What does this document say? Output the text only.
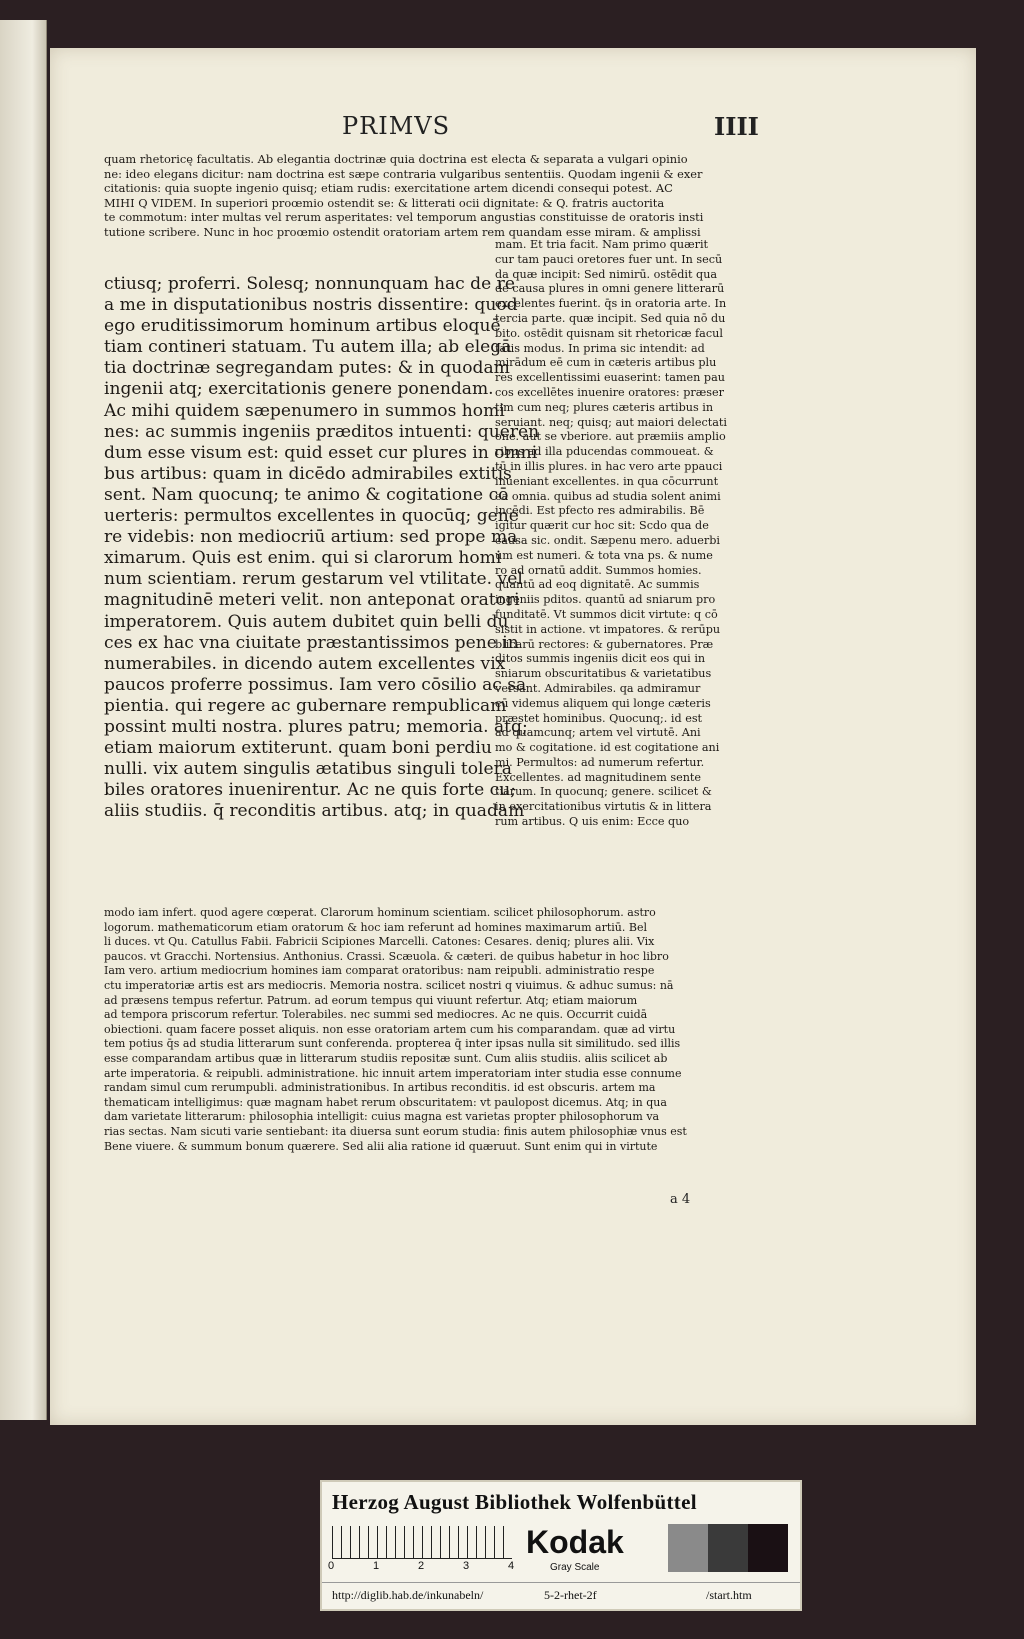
PRIMVS	IIII
quam rhetoricę facultatis. Ab elegantia doctrinæ quia doctrina est electa & separata a vulgari opinio
ne: ideo elegans dicitur: nam doctrina est sæpe contraria vulgaribus sententiis. Quodam ingenii & exer
citationis: quia suopte ingenio quisq; etiam rudis: exercitatione artem dicendi consequi potest. AC
MIHI Q VIDEM. In superiori proœmio ostendit se: & litterati ocii dignitate: & Q. fratris auctorita
te commotum: inter multas vel rerum asperitates: vel temporum angustias constituisse de oratoris insti
tutione scribere. Nunc in hoc proœmio ostendit oratoriam artem rem quandam esse miram. & amplissi
ctiusq; proferri. Solesq; nonnunquam hac de re
a me in disputationibus nostris dissentire: quod
ego eruditissimorum hominum artibus eloquē
tiam contineri statuam. Tu autem illa; ab elegā
tia doctrinæ segregandam putes: & in quodam
ingenii atq; exercitationis genere ponendam.
Ac mihi quidem sæpenumero in summos homi
nes: ac summis ingeniis præditos intuenti: queren
dum esse visum est: quid esset cur plures in omni
bus artibus: quam in dicēdo admirabiles extitis
sent. Nam quocunq; te animo & cogitatione cō
uerteris: permultos excellentes in quocūq; gene
re videbis: non mediocriū artium: sed prope ma
ximarum. Quis est enim. qui si clarorum homi
num scientiam. rerum gestarum vel vtilitate. vel
magnitudinē meteri velit. non anteponat oratori
imperatorem. Quis autem dubitet quin belli du
ces ex hac vna ciuitate præstantissimos pene in
numerabiles. in dicendo autem excellentes vix
paucos proferre possimus. Iam vero cōsilio ac sa
pientia. qui regere ac gubernare rempublicam
possint multi nostra. plures patru; memoria. atq;
etiam maiorum extiterunt. quam boni perdiu
nulli. vix autem singulis ætatibus singuli tolera
biles oratores inuenirentur. Ac ne quis forte cu;
aliis studiis. q̄ reconditis artibus. atq; in quadam
mam. Et tria facit. Nam primo quærit
cur tam pauci oretores fuer unt. In secū
da quæ incipit: Sed nimirū. ostēdit qua
de causa plures in omni genere litterarū
excelentes fuerint. q̄s in oratoria arte. In
tercia parte. quæ incipit. Sed quia nō du
bito. ostēdit quisnam sit rhetoricæ facul
tatis modus. In prima sic intendit: ad
mirādum eē cum in cæteris artibus plu
res excellentissimi euaserint: tamen pau
cos excellētes inuenire oratores: præser
tim cum neq; plures cæteris artibus in
seruiant. neq; quisq; aut maiori delectati
one. aut se vberiore. aut præmiis amplio
ribus ad illa pducendas commoueat. &
tū in illis plures. in hac vero arte ppauci
inueniant excellentes. in qua cōcurrunt
ea omnia. quibus ad studia solent animi
incēdi. Est pfecto res admirabilis. Bē
igitur quærit cur hoc sit: Scdo qua de
causa sic. ondit. Sæpenu mero. aduerbi
um est numeri. & tota vna ps. & nume
ro ad ornatū addit. Summos homies.
quantū ad eoq dignitatē. Ac summis
ingeniis pditos. quantū ad sniarum pro
funditatē. Vt summos dicit virtute: q cō
sistit in actione. vt impatores. & rerūpu
blicarū rectores: & gubernatores. Præ
ditos summis ingeniis dicit eos qui in
sniarum obscuritatibus & varietatibus
versant. Admirabiles. qa admiramur
cū videmus aliquem qui longe cæteris
præstet hominibus. Quocunq;. id est
ad quamcunq; artem vel virtutē. Ani
mo & cogitatione. id est cogitatione ani
mi. Permultos: ad numerum refertur.
Excellentes. ad magnitudinem sente
tiarum. In quocunq; genere. scilicet &
in exercitationibus virtutis & in littera
rum artibus. Q uis enim: Ecce quo
modo iam infert. quod agere cœperat. Clarorum hominum scientiam. scilicet philosophorum. astro
logorum. mathematicorum etiam oratorum & hoc iam referunt ad homines maximarum artiū. Bel
li duces. vt Qu. Catullus Fabii. Fabricii Scipiones Marcelli. Catones: Cesares. deniq; plures alii. Vix
paucos. vt Gracchi. Nortensius. Anthonius. Crassi. Scæuola. & cæteri. de quibus habetur in hoc libro
Iam vero. artium mediocrium homines iam comparat oratoribus: nam reipubli. administratio respe
ctu imperatoriæ artis est ars mediocris. Memoria nostra. scilicet nostri q viuimus. & adhuc sumus: nā
ad præsens tempus refertur. Patrum. ad eorum tempus qui viuunt refertur. Atq; etiam maiorum
ad tempora priscorum refertur. Tolerabiles. nec summi sed mediocres. Ac ne quis. Occurrit cuidā
obiectioni. quam facere posset aliquis. non esse oratoriam artem cum his comparandam. quæ ad virtu
tem potius q̄s ad studia litterarum sunt conferenda. propterea q̄ inter ipsas nulla sit similitudo. sed illis
esse comparandam artibus quæ in litterarum studiis repositæ sunt. Cum aliis studiis. aliis scilicet ab
arte imperatoria. & reipubli. administratione. hic innuit artem imperatoriam inter studia esse connume
randam simul cum rerumpubli. administrationibus. In artibus reconditis. id est obscuris. artem ma
thematicam intelligimus: quæ magnam habet rerum obscuritatem: vt paulopost dicemus. Atq; in qua
dam varietate litterarum: philosophia intelligit: cuius magna est varietas propter philosophorum va
rias sectas. Nam sicuti varie sentiebant: ita diuersa sunt eorum studia: finis autem philosophiæ vnus est
Bene viuere. & summum bonum quærere. Sed alii alia ratione id quæruut. Sunt enim qui in virtute
a 4
Herzog August Bibliothek Wolfenbüttel
0	1	2	3	4
Kodak
Gray Scale
http://diglib.hab.de/inkunabeln/	5-2-rhet-2f	/start.htm
